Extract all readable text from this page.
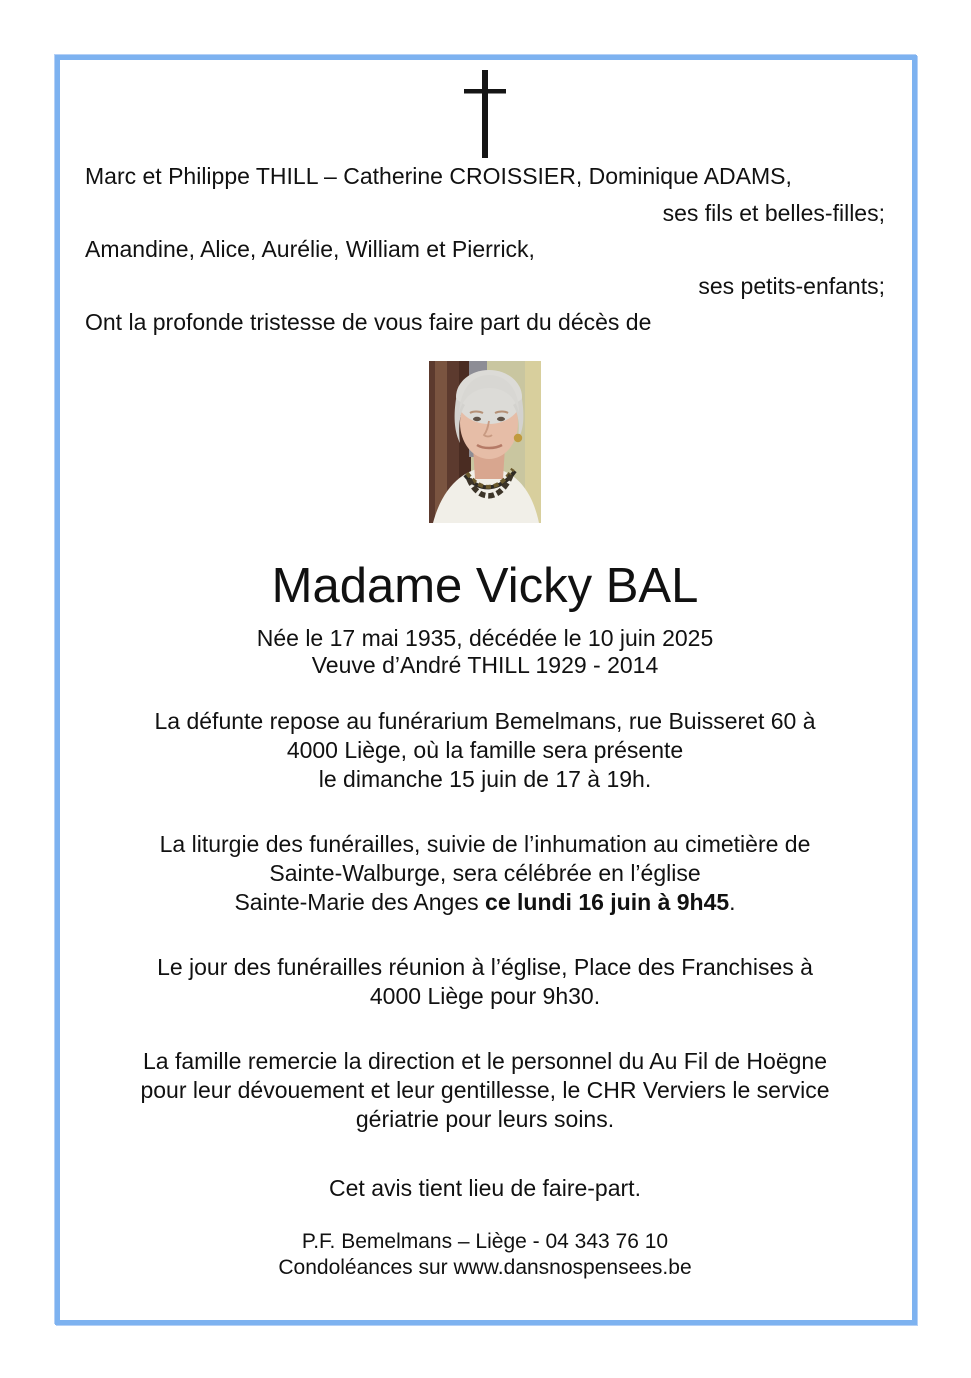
Marc et Philippe THILL – Catherine CROISSIER, Dominique ADAMS,
ses fils et belles-filles;
Amandine, Alice, Aurélie, William et Pierrick,
ses petits-enfants;
Ont la profonde tristesse de vous faire part du décès de
Madame Vicky BAL
Née le 17 mai 1935, décédée le 10 juin 2025
Veuve d’André THILL 1929 - 2014

La défunte repose au funérarium Bemelmans, rue Buisseret 60 à
4000 Liège, où la famille sera présente
le dimanche 15 juin de 17 à 19h.

La liturgie des funérailles, suivie de l’inhumation au cimetière de
Sainte-Walburge, sera célébrée en l’église
Sainte-Marie des Anges ce lundi 16 juin à 9h45.

Le jour des funérailles réunion à l’église, Place des Franchises à
4000 Liège pour 9h30.

La famille remercie la direction et le personnel du Au Fil de Hoëgne
pour leur dévouement et leur gentillesse, le CHR Verviers le service
gériatrie pour leurs soins.

Cet avis tient lieu de faire-part.

P.F. Bemelmans – Liège - 04 343 76 10
Condoléances sur www.dansnospensees.be
